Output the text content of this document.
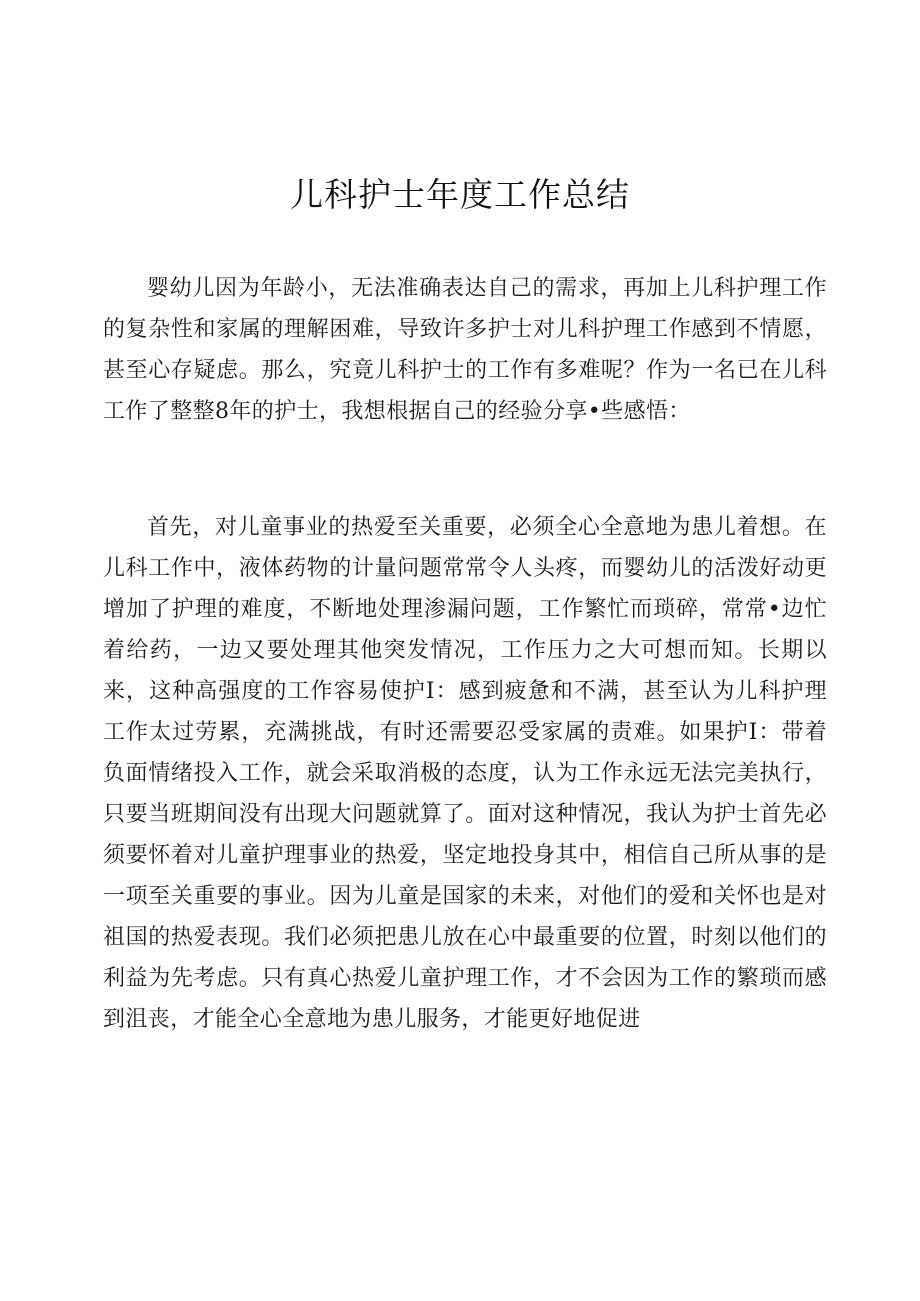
儿科护士年度工作总结

婴幼儿因为年龄小，无法准确表达自己的需求，再加上儿科护理工作的复杂性和家属的理解困难，导致许多护士对儿科护理工作感到不情愿，甚至心存疑虑。那么，究竟儿科护士的工作有多难呢？作为一名已在儿科工作了整整8年的护士，我想根据自己的经验分享•些感悟：

首先，对儿童事业的热爱至关重要，必须全心全意地为患儿着想。在儿科工作中，液体药物的计量问题常常令人头疼，而婴幼儿的活泼好动更增加了护理的难度，不断地处理渗漏问题，工作繁忙而琐碎，常常•边忙着给药，一边又要处理其他突发情况，工作压力之大可想而知。长期以来，这种高强度的工作容易使护I：感到疲惫和不满，甚至认为儿科护理工作太过劳累，充满挑战，有时还需要忍受家属的责难。如果护I：带着负面情绪投入工作，就会采取消极的态度，认为工作永远无法完美执行，只要当班期间没有出现大问题就算了。面对这种情况，我认为护士首先必须要怀着对儿童护理事业的热爱，坚定地投身其中，相信自己所从事的是一项至关重要的事业。因为儿童是国家的未来，对他们的爱和关怀也是对祖国的热爱表现。我们必须把患儿放在心中最重要的位置，时刻以他们的利益为先考虑。只有真心热爱儿童护理工作，才不会因为工作的繁琐而感到沮丧，才能全心全意地为患儿服务，才能更好地促进
